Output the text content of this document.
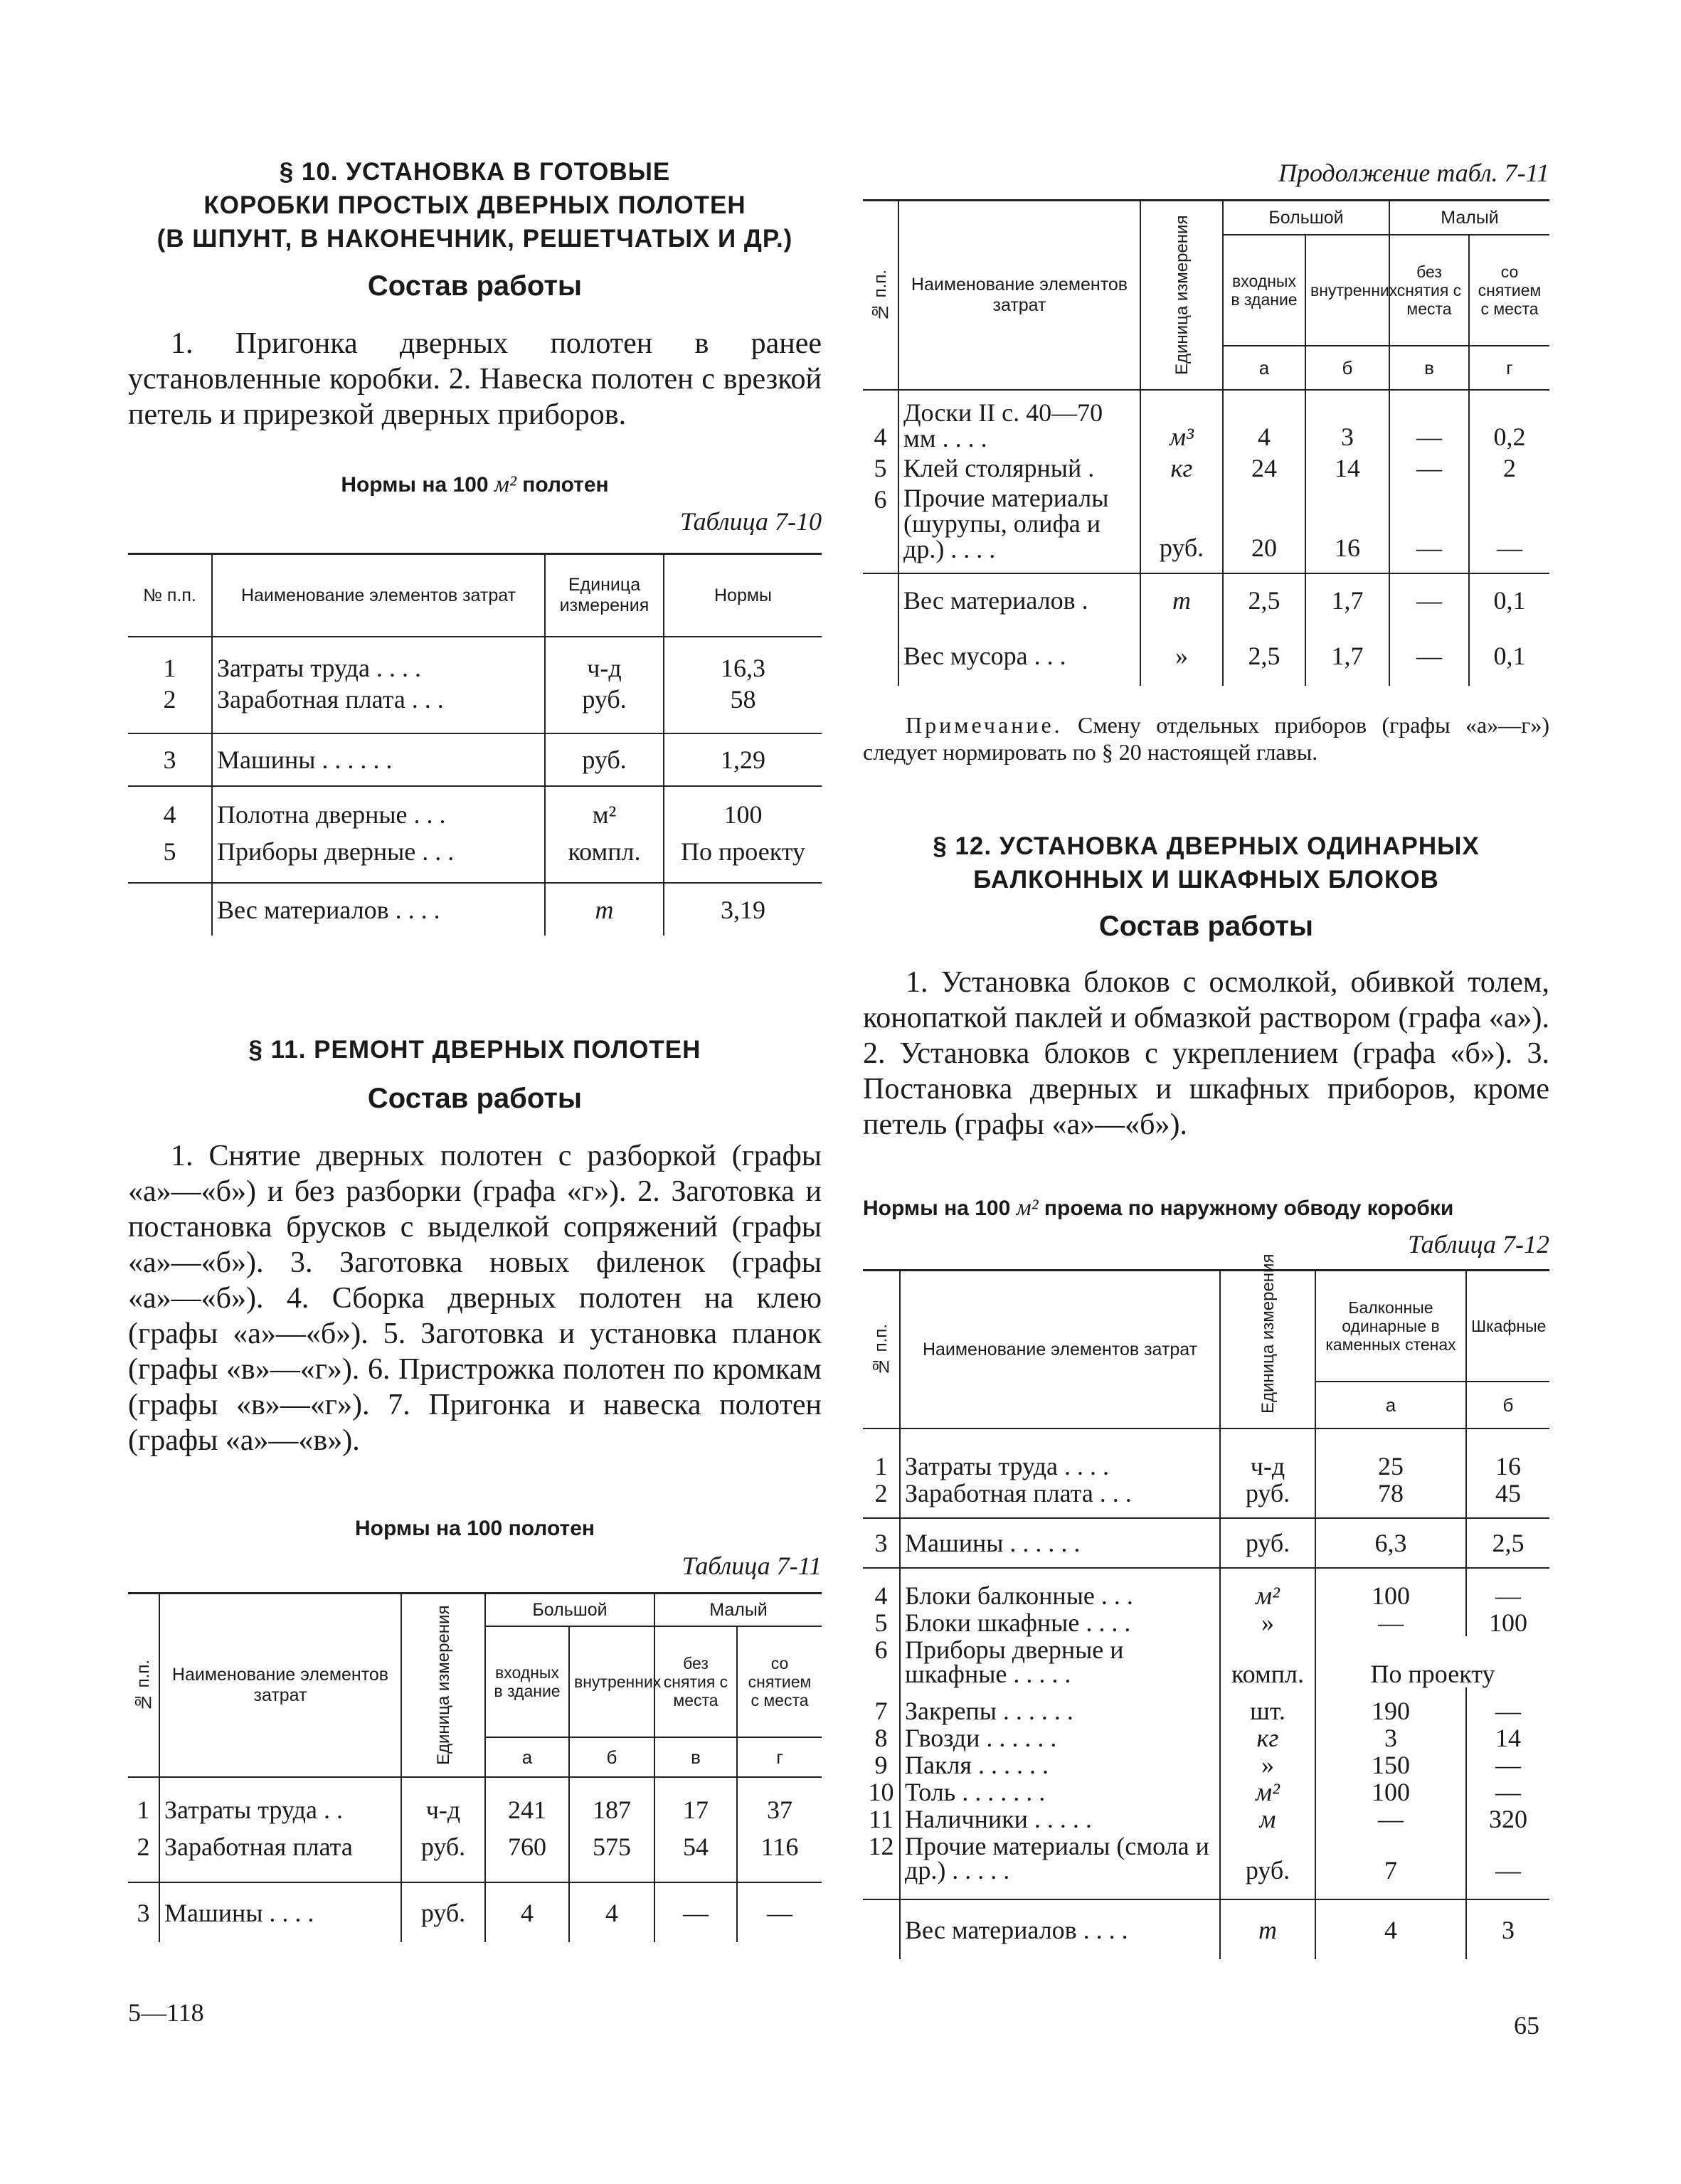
§ 10. УСТАНОВКА В ГОТОВЫЕ
КОРОБКИ ПРОСТЫХ ДВЕРНЫХ ПОЛОТЕН
(В ШПУНТ, В НАКОНЕЧНИК, РЕШЕТЧАТЫХ И ДР.)
Состав работы

1. Пригонка дверных полотен в ранее установленные коробки. 2. Навеска полотен с врезкой петель и прирезкой дверных приборов.

Нормы на 100 м² полотен
Таблица 7-10
№ п.п.	Наименование элементов затрат	Единица измерения	Нормы

1	Затраты труда . . . .	ч-д	16,3
2	Заработная плата . . .	руб.	58

3	Машины . . . . . .	руб.	1,29

4	Полотна дверные . . .	м²	100
5	Приборы дверные . . .	компл.	По проекту

	Вес материалов . . . .	т	3,19
§ 11. РЕМОНТ ДВЕРНЫХ ПОЛОТЕН
Состав работы

1. Снятие дверных полотен с разборкой (графы «а»—«б») и без разборки (графа «г»). 2. Заготовка и постановка брусков с выделкой сопряжений (графы «а»—«б»). 3. Заготовка новых филенок (графы «а»—«б»). 4. Сборка дверных полотен на клею (графы «а»—«б»). 5. Заготовка и установка планок (графы «в»—«г»). 6. Пристрожка полотен по кромкам (графы «в»—«г»). 7. Пригонка и навеска полотен (графы «а»—«в»).

Нормы на 100 полотен
Таблица 7-11
№ п.п.	Наименование элементов затрат	Единица измерения	Большой		Малый	
			входных в здание	внутренних	без снятия с места	со снятием с места
			а	б	в	г

1	Затраты труда . .	ч-д	241	187	17	37
2	Заработная плата	руб.	760	575	54	116

3	Машины . . . .	руб.	4	4	—	—
Продолжение табл. 7-11
№ п.п.	Наименование элементов затрат	Единица измерения	Большой		Малый	
			входных в здание	внутренних	без снятия с места	со снятием с места
			а	б	в	г

4	Доски II с. 40—70 мм . . . .	м³	4	3	—	0,2
5	Клей столярный .	кг	24	14	—	2
6	Прочие материалы (шурупы, олифа и др.) . . . .	руб.	20	16	—	—

	Вес материалов .	т	2,5	1,7	—	0,1
	Вес мусора . . .	»	2,5	1,7	—	0,1

Примечание. Смену отдельных приборов (графы «а»—г») следует нормировать по § 20 настоящей главы.

§ 12. УСТАНОВКА ДВЕРНЫХ ОДИНАРНЫХ
БАЛКОННЫХ И ШКАФНЫХ БЛОКОВ
Состав работы

1. Установка блоков с осмолкой, обивкой толем, конопаткой паклей и обмазкой раствором (графа «а»). 2. Установка блоков с укреплением (графа «б»). 3. Постановка дверных и шкафных приборов, кроме петель (графы «а»—«б»).

Нормы на 100 м² проема по наружному обводу коробки
Таблица 7-12
№ п.п.	Наименование элементов затрат	Единица измерения	Балконные одинарные в каменных стенах	Шкафные
			а	б

1	Затраты труда . . . .	ч-д	25	16
2	Заработная плата . . .	руб.	78	45

3	Машины . . . . . .	руб.	6,3	2,5

4	Блоки балконные . . .	м²	100	—
5	Блоки шкафные . . . .	»	—	100
6	Приборы дверные и шкафные . . . . .	компл.	По проекту	

7	Закрепы . . . . . .	шт.	190	—
8	Гвозди . . . . . .	кг	3	14
9	Пакля . . . . . .	»	150	—
10	Толь . . . . . . .	м²	100	—
11	Наличники . . . . .	м	—	320
12	Прочие материалы (смола и др.) . . . . .	руб.	7	—

	Вес материалов . . . .	т	4	3
5—118	65
